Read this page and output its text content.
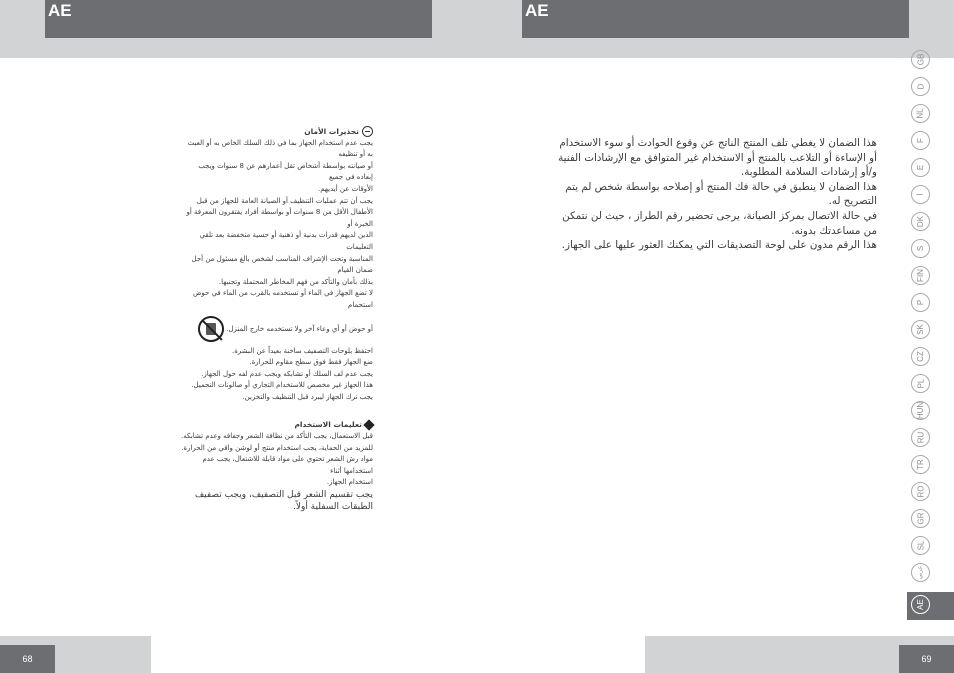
AE

تحذيرات الأمان

يجب عدم استخدام الجهاز بما في ذلك السلك الخاص به أو العبث به أو تنظيفه

أو صيانته بواسطة أشخاص تقل أعمارهم عن 8 سنوات ويجب إبعاده في جميع

الأوقات عن أيديهم.

يجب أن تتم عمليات التنظيف أو الصيانة العامة للجهاز من قبل

الأطفال الأقل من 8 سنوات أو بواسطة أفراد يفتقرون المعرفة أو الخبرة أو

الذين لديهم قدرات بدنية أو ذهنية أو حسية منخفضة بعد تلقي التعليمات

المناسبة وتحت الإشراف المناسب لشخص بالغ مسئول من أجل ضمان القيام

بذلك بأمان والتأكد من فهم المخاطر المحتملة وتجنبها.

لا تضع الجهاز في الماء أو تستخدمه بالقرب من الماء في حوض استحمام

أو حوض أو أي وعاء آخر ولا تستخدمه خارج المنزل.

احتفظ بلوحات التصفيف ساخنة بعيداً عن البشرة.

ضع الجهاز فقط فوق سطح مقاوم للحرارة.

يجب عدم لف السلك أو تشابكه ويجب عدم لفه حول الجهاز.

هذا الجهاز غير مخصص للاستخدام التجاري أو صالونات التجميل.

يجب ترك الجهاز ليبرد قبل التنظيف والتخزين.

تعليمات الاستخدام

قبل الاستعمال، يجب التأكد من نظافة الشعر وجفافه وعدم تشابكه.

للمزيد من الحماية، يجب استخدام منتج أو لوشن واقي من الحرارة.

مواد رش الشعر تحتوي على مواد قابلة للاشتعال، يجب عدم استخدامها أثناء

استخدام الجهاز.

يجب تقسيم الشعر قبل التصفيف، ويجب تصفيف الطبقات السفلية أولاً.

68
AE

هذا الضمان لا يغطي تلف المنتج الناتج عن وقوع الحوادث أو سوء الاستخدام

أو الإساءة أو التلاعب بالمنتج أو الاستخدام غير المتوافق مع الإرشادات الفنية

و/أو إرشادات السلامة المطلوبة.

هذا الضمان لا ينطبق في حالة فك المنتج أو إصلاحه بواسطة شخص لم يتم

التصريح له.

في حالة الاتصال بمركز الصيانة، يرجى تحضير رقم الطراز ، حيث لن نتمكن

من مساعدتك بدونه.

هذا الرقم مدون على لوحة التصديقات التي يمكنك العثور عليها على الجهاز.

69
GB
D
NL
F
E
I
DK
S
FIN
P
SK
CZ
PL
HUN
RU
TR
RO
GR
SL
عربي
AE
